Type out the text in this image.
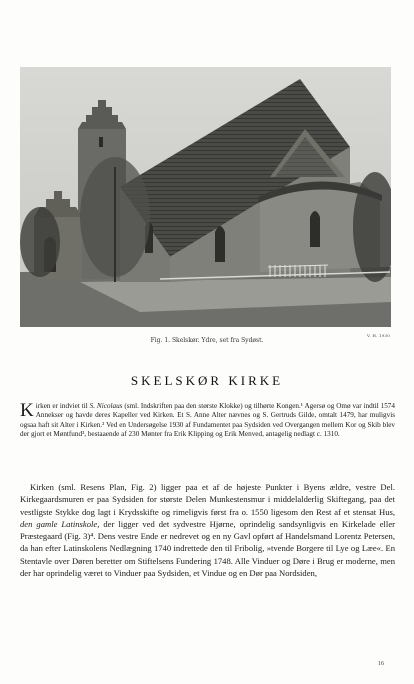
V. H. 1930
Fig. 1. Skelskør. Ydre, set fra Sydøst.
SKELSKØR KIRKE
Kirken er indviet til S. Nicolaus (sml. Indskriften paa den største Klokke) og tilhørte Kongen.¹ Agersø og Omø var indtil 1574 Annekser og havde deres Kapeller ved Kirken. Et S. Anne Alter nævnes og S. Gertruds Gilde, omtalt 1479, har muligvis ogsaa haft sit Alter i Kirken.² Ved en Undersøgelse 1930 af Fundamentet paa Sydsiden ved Overgangen mellem Kor og Skib blev der gjort et Møntfund³, bestaaende af 230 Mønter fra Erik Klipping og Erik Menved, antagelig nedlagt c. 1310.
Kirken (sml. Resens Plan, Fig. 2) ligger paa et af de højeste Punkter i Byens ældre, vestre Del. Kirkegaardsmuren er paa Sydsiden for største Delen Munkestensmur i middelalderlig Skiftegang, paa det vestligste Stykke dog lagt i Krydsskifte og rimeligvis først fra o. 1550 ligesom den Rest af et stensat Hus, den gamle Latinskole, der ligger ved det sydvestre Hjørne, oprindelig sandsynligvis en Kirkelade eller Præstegaard (Fig. 3)⁴. Dens vestre Ende er nedrevet og en ny Gavl opført af Handelsmand Lorentz Petersen, da han efter Latinskolens Nedlægning 1740 indrettede den til Fribolig, »tvende Borgere til Lye og Læe«. En Stentavle over Døren beretter om Stiftelsens Fundering 1748. Alle Vinduer og Døre i Brug er moderne, men der har oprindelig været to Vinduer paa Sydsiden, et Vindue og en Dør paa Nordsiden,
16
